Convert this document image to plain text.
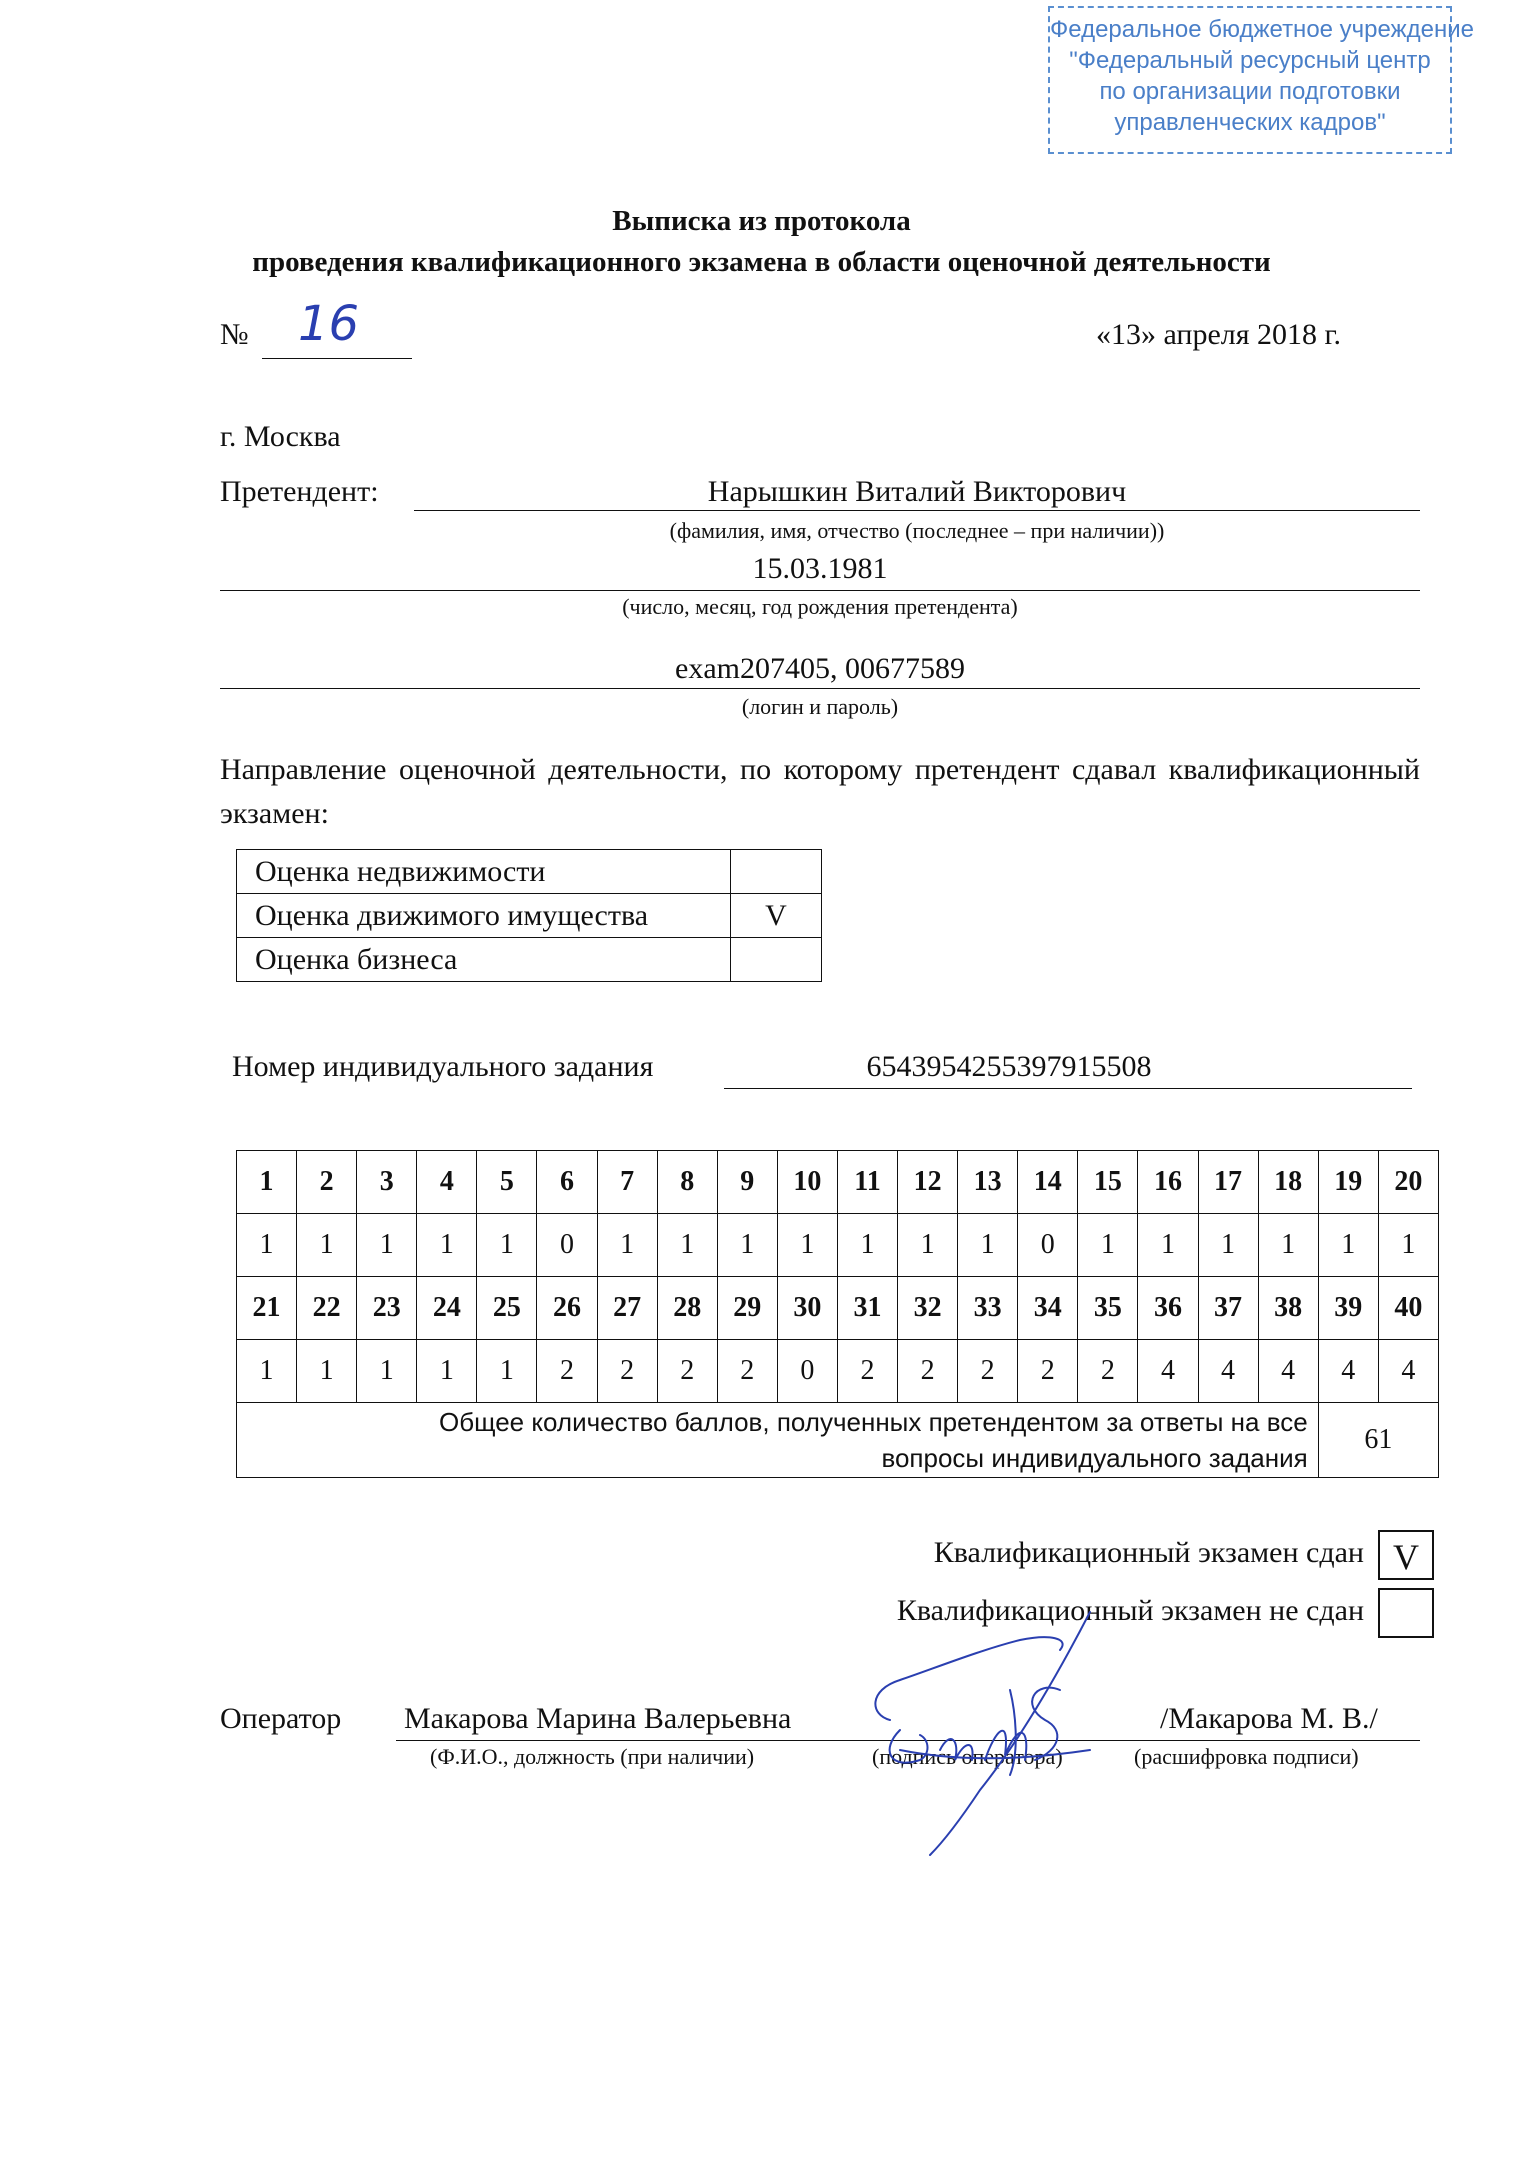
Федеральное бюджетное учреждение
"Федеральный ресурсный центр
по организации подготовки
управленческих кадров"
Выписка из протокола
проведения квалификационного экзамена в области оценочной деятельности
№ 16	«13» апреля 2018 г.
г. Москва
Претендент:	Нарышкин Виталий Викторович
(фамилия, имя, отчество (последнее – при наличии))
15.03.1981
(число, месяц, год рождения претендента)
exam207405, 00677589
(логин и пароль)
Направление оценочной деятельности, по которому претендент сдавал квалификационный экзамен:
Оценка недвижимости	
Оценка движимого имущества	V
Оценка бизнеса	
Номер индивидуального задания	6543954255397915508
1	2	3	4	5	6	7	8	9	10	11	12	13	14	15	16	17	18	19	20
1	1	1	1	1	0	1	1	1	1	1	1	1	0	1	1	1	1	1	1
21	22	23	24	25	26	27	28	29	30	31	32	33	34	35	36	37	38	39	40
1	1	1	1	1	2	2	2	2	0	2	2	2	2	2	4	4	4	4	4

Общее количество баллов, полученных претендентом за ответы на все
вопросы индивидуального задания																		61	
Квалификационный экзамен сдан V
Квалификационный экзамен не сдан
Оператор Макарова Марина Валерьевна	/Макарова М. В./
(Ф.И.О., должность (при наличии)	(подпись оператора)	(расшифровка подписи)
